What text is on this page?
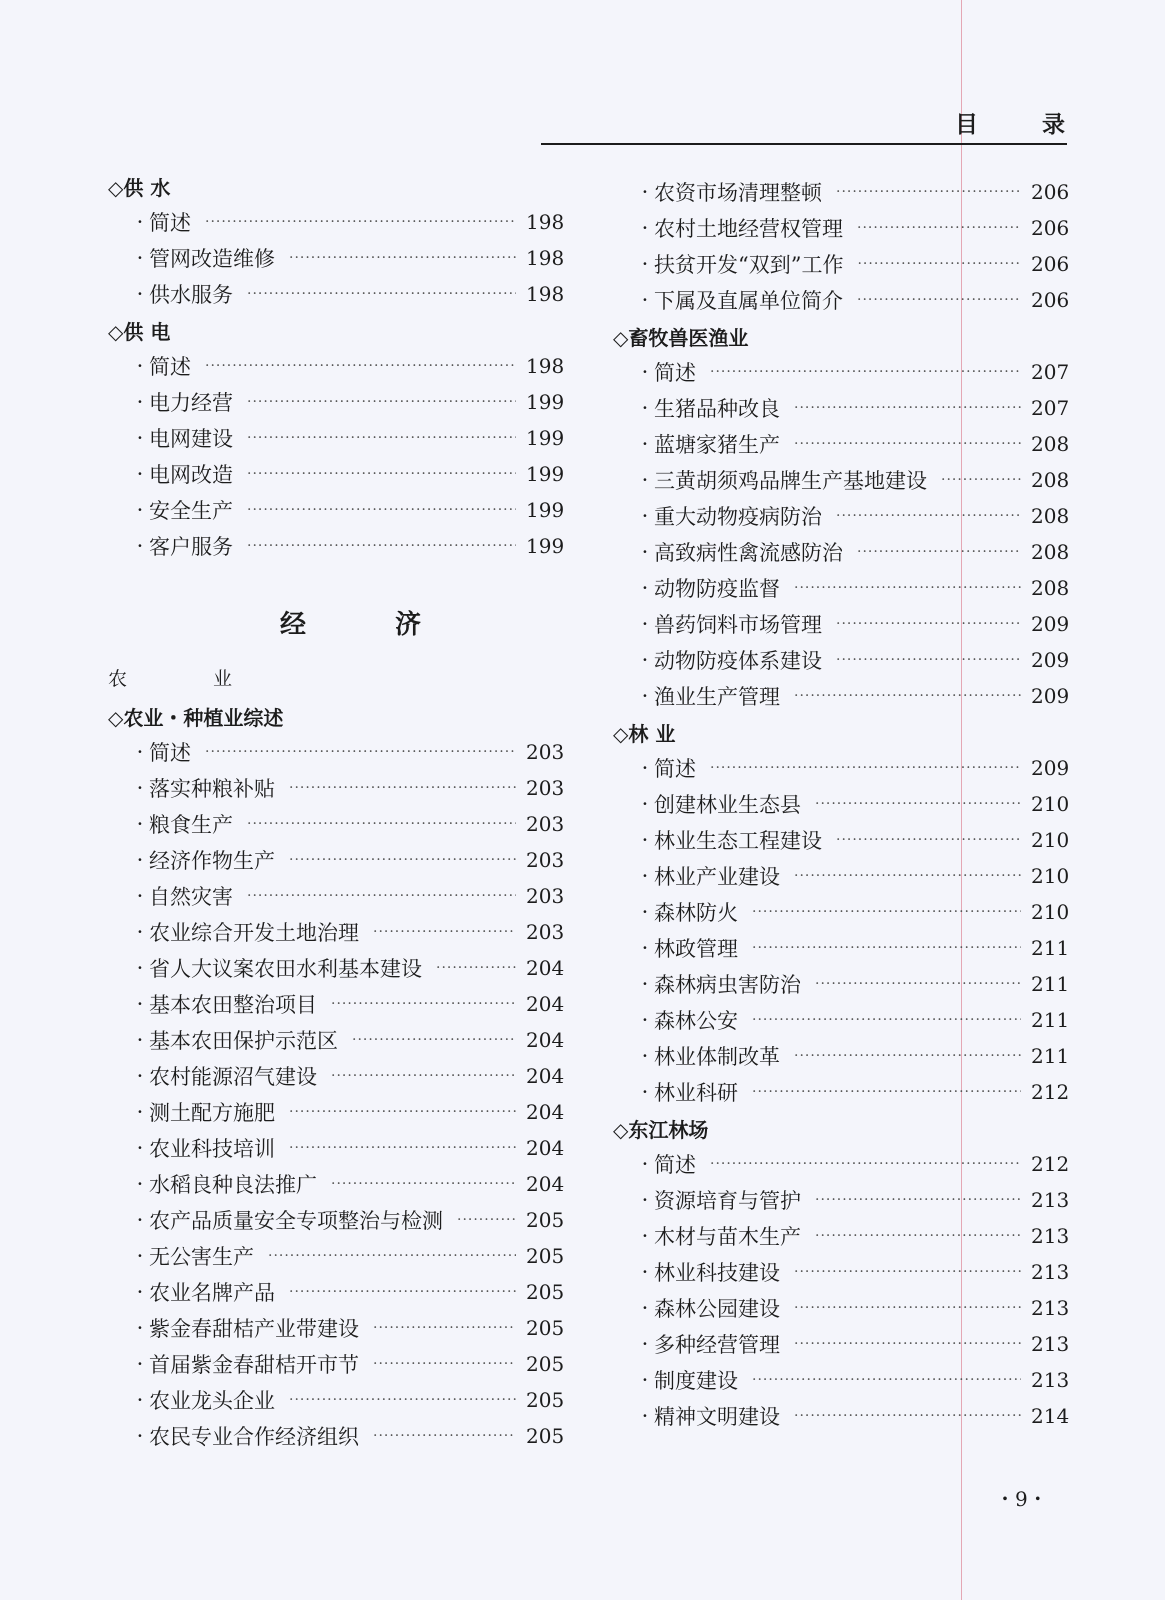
目 录
◇供 水
· 简述 ·····	198
· 管网改造维修 ·····	198
· 供水服务 ·····	198
◇供 电
· 简述 ·····	198
· 电力经营 ·····	199
· 电网建设 ·····	199
· 电网改造 ·····	199
· 安全生产 ·····	199
· 客户服务 ·····	199
经 济
农 业
◇农业・种植业综述
· 简述 ·····	203
· 落实种粮补贴 ·····	203
· 粮食生产 ·····	203
· 经济作物生产 ·····	203
· 自然灾害 ·····	203
· 农业综合开发土地治理 ·····	203
· 省人大议案农田水利基本建设 ·····	204
· 基本农田整治项目 ·····	204
· 基本农田保护示范区 ·····	204
· 农村能源沼气建设 ·····	204
· 测土配方施肥 ·····	204
· 农业科技培训 ·····	204
· 水稻良种良法推广 ·····	204
· 农产品质量安全专项整治与检测 ·····	205
· 无公害生产 ·····	205
· 农业名牌产品 ·····	205
· 紫金春甜桔产业带建设 ·····	205
· 首届紫金春甜桔开市节 ·····	205
· 农业龙头企业 ·····	205
· 农民专业合作经济组织 ·····	205
· 农资市场清理整顿 ·····	206
· 农村土地经营权管理 ·····	206
· 扶贫开发“双到”工作 ·····	206
· 下属及直属单位简介 ·····	206
◇畜牧兽医渔业
· 简述 ·····	207
· 生猪品种改良 ·····	207
· 蓝塘家猪生产 ·····	208
· 三黄胡须鸡品牌生产基地建设 ·····	208
· 重大动物疫病防治 ·····	208
· 高致病性禽流感防治 ·····	208
· 动物防疫监督 ·····	208
· 兽药饲料市场管理 ·····	209
· 动物防疫体系建设 ·····	209
· 渔业生产管理 ·····	209
◇林 业
· 简述 ·····	209
· 创建林业生态县 ·····	210
· 林业生态工程建设 ·····	210
· 林业产业建设 ·····	210
· 森林防火 ·····	210
· 林政管理 ·····	211
· 森林病虫害防治 ·····	211
· 森林公安 ·····	211
· 林业体制改革 ·····	211
· 林业科研 ·····	212
◇东江林场
· 简述 ·····	212
· 资源培育与管护 ·····	213
· 木材与苗木生产 ·····	213
· 林业科技建设 ·····	213
· 森林公园建设 ·····	213
· 多种经营管理 ·····	213
· 制度建设 ·····	213
· 精神文明建设 ·····	214
・9・
